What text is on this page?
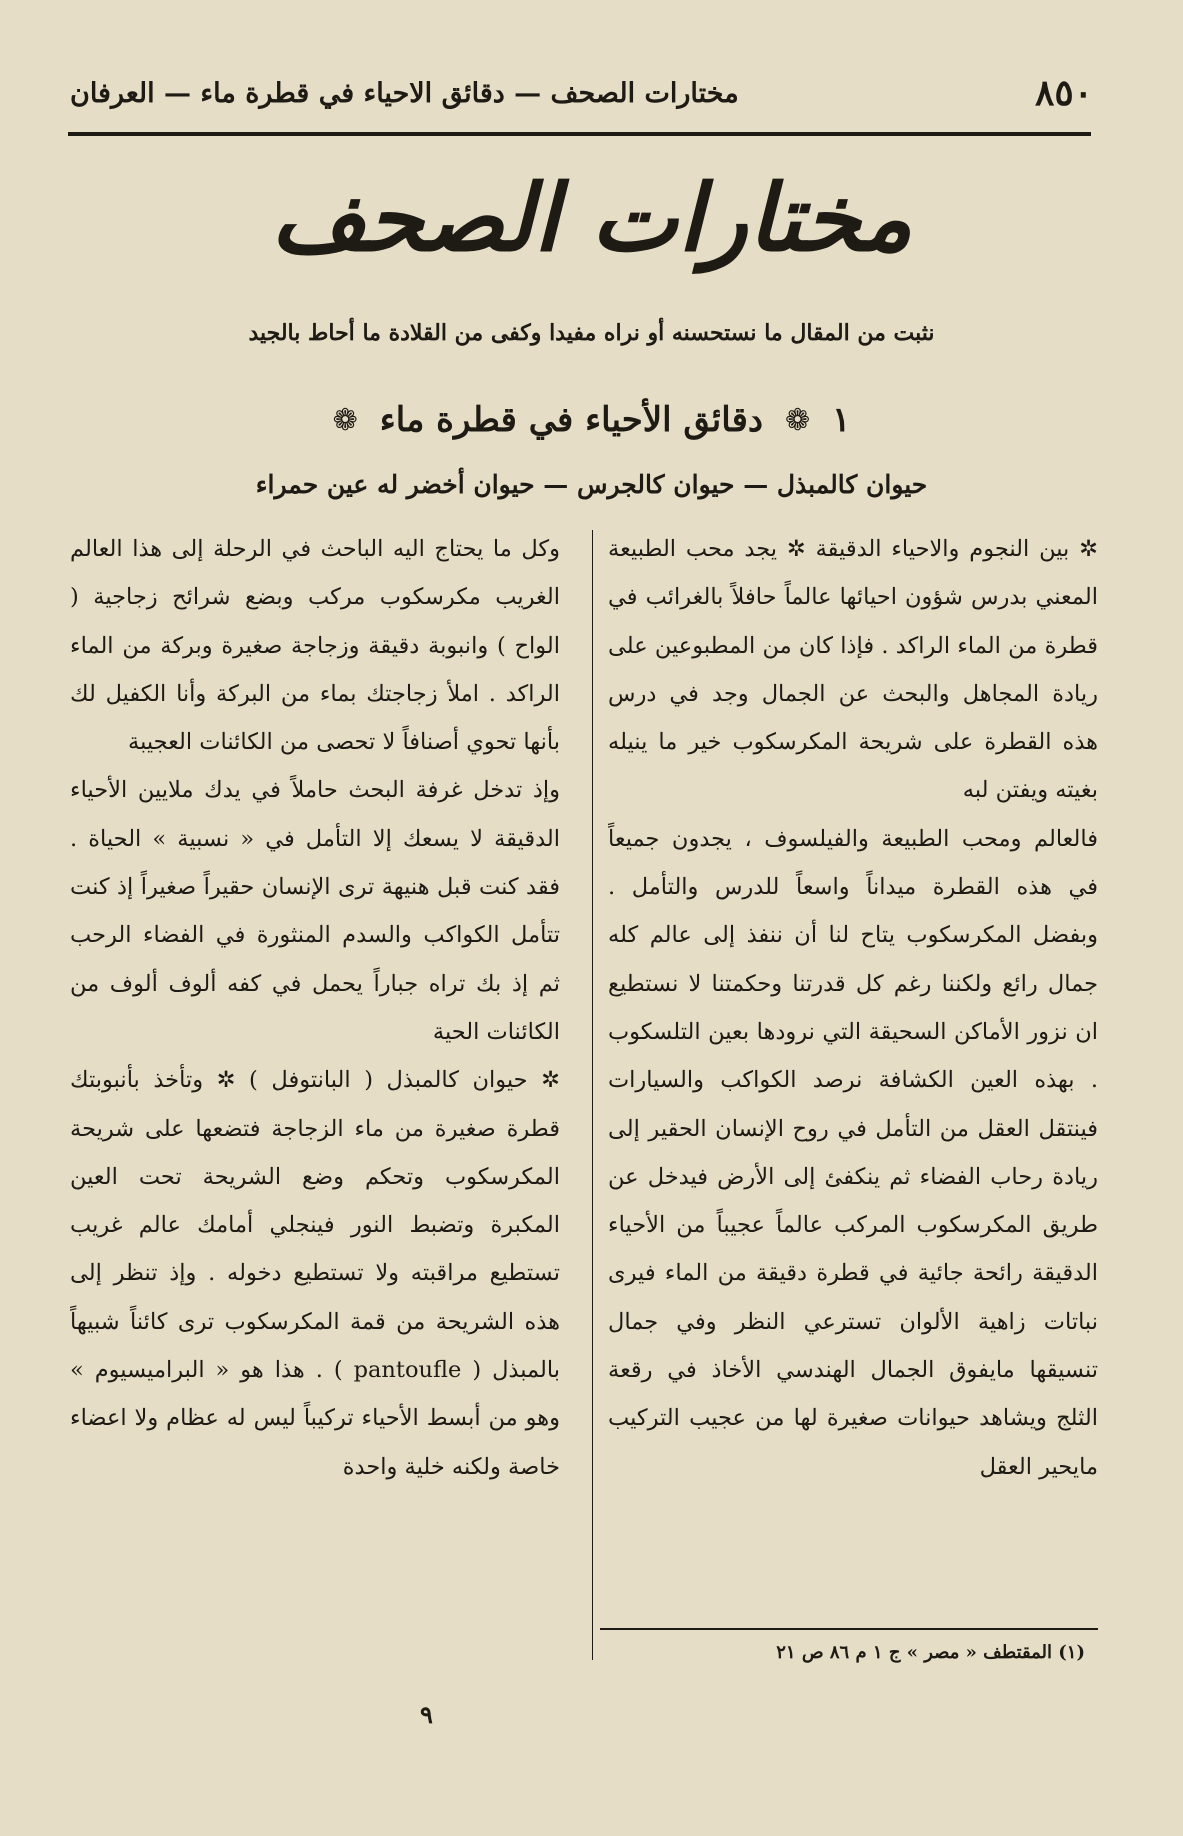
٨٥٠
مختارات الصحف — دقائق الاحياء في قطرة ماء — العرفان
مختارات الصحف
نثبت من المقال ما نستحسنه أو نراه مفيدا وكفى من القلادة ما أحاط بالجيد
١
❁
دقائق الأحياء في قطرة ماء
❁
حيوان كالمبذل — حيوان كالجرس — حيوان أخضر له عين حمراء

✲ بين النجوم والاحياء الدقيقة ✲ يجد محب الطبيعة المعني بدرس شؤون احيائها عالماً حافلاً بالغرائب في قطرة من الماء الراكد . فإذا كان من المطبوعين على ريادة المجاهل والبحث عن الجمال وجد في درس هذه القطرة على شريحة المكرسكوب خير ما ينيله بغيته ويفتن لبه

فالعالم ومحب الطبيعة والفيلسوف ، يجدون جميعاً في هذه القطرة ميداناً واسعاً للدرس والتأمل . وبفضل المكرسكوب يتاح لنا أن ننفذ إلى عالم كله جمال رائع ولكننا رغم كل قدرتنا وحكمتنا لا نستطيع ان نزور الأماكن السحيقة التي نرودها بعين التلسكوب . بهذه العين الكشافة نرصد الكواكب والسيارات فينتقل العقل من التأمل في روح الإنسان الحقير إلى ريادة رحاب الفضاء ثم ينكفئ إلى الأرض فيدخل عن طريق المكرسكوب المركب عالماً عجيباً من الأحياء الدقيقة رائحة جائية في قطرة دقيقة من الماء فيرى نباتات زاهية الألوان تسترعي النظر وفي جمال تنسيقها مايفوق الجمال الهندسي الأخاذ في رقعة الثلج ويشاهد حيوانات صغيرة لها من عجيب التركيب مايحير العقل

وكل ما يحتاج اليه الباحث في الرحلة إلى هذا العالم الغريب مكرسكوب مركب وبضع شرائح زجاجية ( الواح ) وانبوبة دقيقة وزجاجة صغيرة وبركة من الماء الراكد . املأ زجاجتك بماء من البركة وأنا الكفيل لك بأنها تحوي أصنافاً لا تحصى من الكائنات العجيبة

وإذ تدخل غرفة البحث حاملاً في يدك ملايين الأحياء الدقيقة لا يسعك إلا التأمل في « نسبية » الحياة . فقد كنت قبل هنيهة ترى الإنسان حقيراً صغيراً إذ كنت تتأمل الكواكب والسدم المنثورة في الفضاء الرحب ثم إذ بك تراه جباراً يحمل في كفه ألوف ألوف من الكائنات الحية

✲ حيوان كالمبذل ( البانتوفل ) ✲ وتأخذ بأنبوبتك قطرة صغيرة من ماء الزجاجة فتضعها على شريحة المكرسكوب وتحكم وضع الشريحة تحت العين المكبرة وتضبط النور فينجلي أمامك عالم غريب تستطيع مراقبته ولا تستطيع دخوله . وإذ تنظر إلى هذه الشريحة من قمة المكرسكوب ترى كائناً شبيهاً بالمبذل ( pantoufle ) . هذا هو « البراميسيوم » وهو من أبسط الأحياء تركيباً ليس له عظام ولا اعضاء خاصة ولكنه خلية واحدة

(١) المقتطف « مصر » ج ١ م ٨٦ ص ٢١
٩
